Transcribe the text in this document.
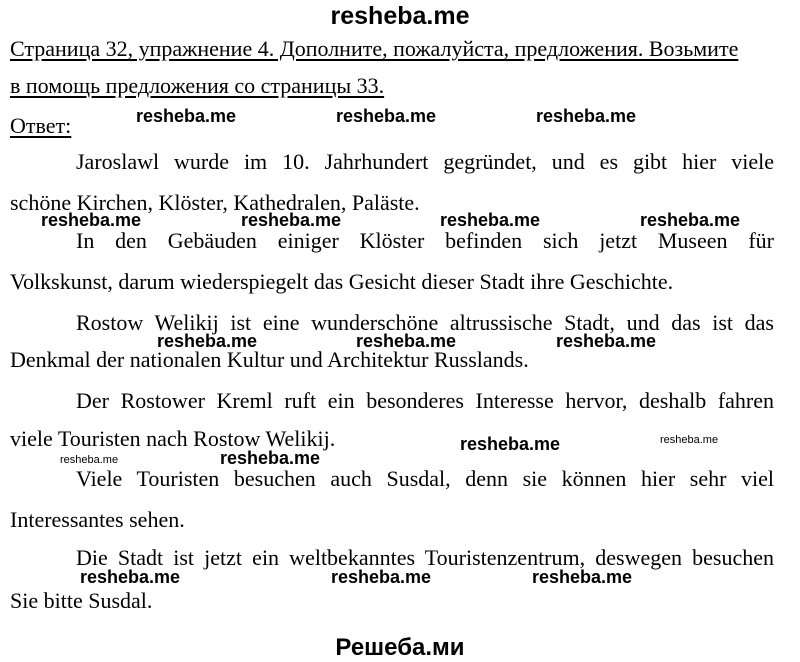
resheba.me
Страница 32, упражнение 4. Дополните, пожалуйста, предложения. Возьмите
в помощь предложения со страницы 33.
Ответ:
Jaroslawl wurde im 10. Jahrhundert gegründet, und es gibt hier viele
schöne Kirchen, Klöster, Kathedralen, Paläste.
In den Gebäuden einiger Klöster befinden sich jetzt Museen für
Volkskunst, darum wiederspiegelt das Gesicht dieser Stadt ihre Geschichte.
Rostow Welikij ist eine wunderschöne altrussische Stadt, und das ist das
Denkmal der nationalen Kultur und Architektur Russlands.
Der Rostower Kreml ruft ein besonderes Interesse hervor, deshalb fahren
viele Touristen nach Rostow Welikij.
Viele Touristen besuchen auch Susdal, denn sie können hier sehr viel
Interessantes sehen.
Die Stadt ist jetzt ein weltbekanntes Touristenzentrum, deswegen besuchen
Sie bitte Susdal.
resheba.me	resheba.me	resheba.me
resheba.me	resheba.me	resheba.me	resheba.me
resheba.me	resheba.me	resheba.me
resheba.me	resheba.me
resheba.me	resheba.me
resheba.me	resheba.me	resheba.me
Решеба.ми
